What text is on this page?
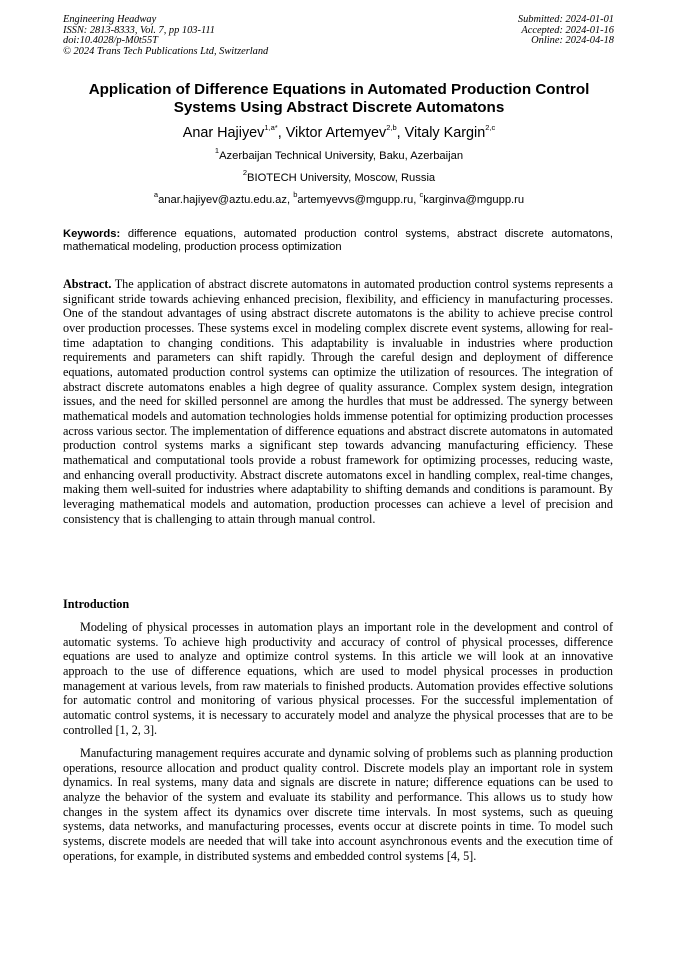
Engineering Headway
ISSN: 2813-8333, Vol. 7, pp 103-111
doi:10.4028/p-M0t55T
© 2024 Trans Tech Publications Ltd, Switzerland
Submitted: 2024-01-01
Accepted: 2024-01-16
Online: 2024-04-18
Application of Difference Equations in Automated Production Control
Systems Using Abstract Discrete Automatons
Anar Hajiyev$^{1,a*}$, Viktor Artemyev$^{2,b}$, Vitaly Kargin$^{2,c}$
$^1$Azerbaijan Technical University, Baku, Azerbaijan
$^2$BIOTECH University, Moscow, Russia
$^a$anar.hajiyev@aztu.edu.az, $^b$artemyevvs@mgupp.ru, $^c$karginva@mgupp.ru
Keywords: difference equations, automated production control systems, abstract discrete automatons, mathematical modeling, production process optimization
Abstract. The application of abstract discrete automatons in automated production control systems represents a significant stride towards achieving enhanced precision, flexibility, and efficiency in manufacturing processes. One of the standout advantages of using abstract discrete automatons is the ability to achieve precise control over production processes. These systems excel in modeling complex discrete event systems, allowing for real-time adaptation to changing conditions. This adaptability is invaluable in industries where production requirements and parameters can shift rapidly. Through the careful design and deployment of difference equations, automated production control systems can optimize the utilization of resources. The integration of abstract discrete automatons enables a high degree of quality assurance. Complex system design, integration issues, and the need for skilled personnel are among the hurdles that must be addressed. The synergy between mathematical models and automation technologies holds immense potential for optimizing production processes across various sector. The implementation of difference equations and abstract discrete automatons in automated production control systems marks a significant step towards advancing manufacturing efficiency. These mathematical and computational tools provide a robust framework for optimizing processes, reducing waste, and enhancing overall productivity. Abstract discrete automatons excel in handling complex, real-time changes, making them well-suited for industries where adaptability to shifting demands and conditions is paramount. By leveraging mathematical models and automation, production processes can achieve a level of precision and consistency that is challenging to attain through manual control.
Introduction
Modeling of physical processes in automation plays an important role in the development and control of automatic systems. To achieve high productivity and accuracy of control of physical processes, difference equations are used to analyze and optimize control systems. In this article we will look at an innovative approach to the use of difference equations, which are used to model physical processes in production management at various levels, from raw materials to finished products. Automation provides effective solutions for automatic control and monitoring of various physical processes. For the successful implementation of automatic control systems, it is necessary to accurately model and analyze the physical processes that are to be controlled [1, 2, 3].
Manufacturing management requires accurate and dynamic solving of problems such as planning production operations, resource allocation and product quality control. Discrete models play an important role in system dynamics. In real systems, many data and signals are discrete in nature; difference equations can be used to analyze the behavior of the system and evaluate its stability and performance. This allows us to study how changes in the system affect its dynamics over discrete time intervals. In most systems, such as queuing systems, data networks, and manufacturing processes, events occur at discrete points in time. To model such systems, discrete models are needed that will take into account asynchronous events and the execution time of operations, for example, in distributed systems and embedded control systems [4, 5].
